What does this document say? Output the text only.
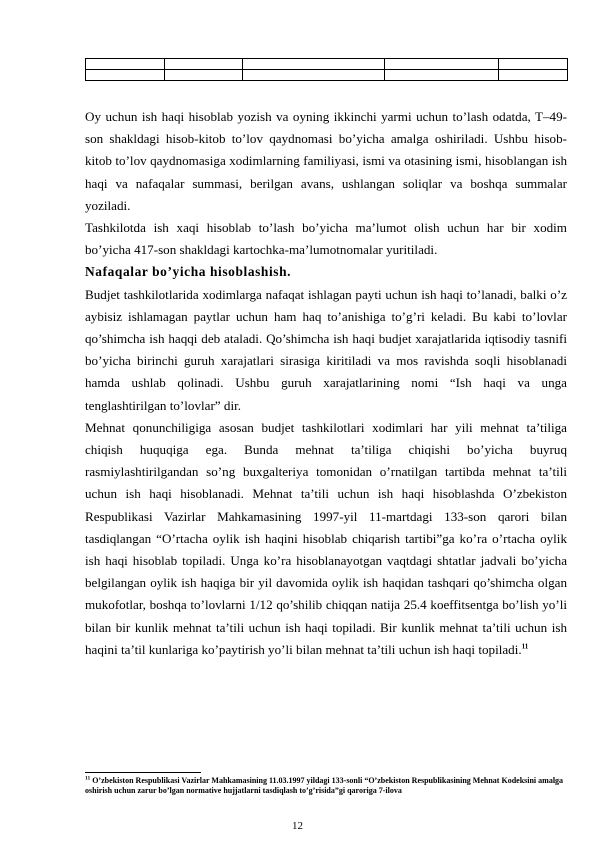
Oy uchun ish haqi hisoblab yozish va oyning ikkinchi yarmi uchun to’lash odatda, T–49-son shakldagi hisob-kitob to’lov qaydnomasi bo’yicha amalga oshiriladi. Ushbu hisob-kitob to’lov qaydnomasiga xodimlarning familiyasi, ismi va otasining ismi, hisoblangan ish haqi va nafaqalar summasi, berilgan avans, ushlangan soliqlar va boshqa summalar yoziladi.

Tashkilotda ish xaqi hisoblab to’lash bo’yicha ma’lumot olish uchun har bir xodim bo’yicha 417-son shakldagi kartochka-ma’lumotnomalar yuritiladi.

Nafaqalar bo’yicha hisoblashish.

Budjet tashkilotlarida xodimlarga nafaqat ishlagan payti uchun ish haqi to’lanadi, balki o’z aybisiz ishlamagan paytlar uchun ham haq to’anishiga to’g’ri keladi. Bu kabi to’lovlar qo’shimcha ish haqqi deb ataladi. Qo’shimcha ish haqi budjet xarajatlarida iqtisodiy tasnifi bo’yicha birinchi guruh xarajatlari sirasiga kiritiladi va mos ravishda soqli hisoblanadi hamda ushlab qolinadi. Ushbu guruh xarajatlarining nomi “Ish haqi va unga tenglashtirilgan to’lovlar” dir.

Mehnat qonunchiligiga asosan budjet tashkilotlari xodimlari har yili mehnat ta’tiliga chiqish huquqiga ega. Bunda mehnat ta’tiliga chiqishi bo’yicha buyruq rasmiylashtirilgandan so’ng buxgalteriya tomonidan o’rnatilgan tartibda mehnat ta’tili uchun ish haqi hisoblanadi. Mehnat ta’tili uchun ish haqi hisoblashda O’zbekiston Respublikasi Vazirlar Mahkamasining 1997-yil 11-martdagi 133-son qarori bilan tasdiqlangan “O’rtacha oylik ish haqini hisoblab chiqarish tartibi”ga ko’ra o’rtacha oylik ish haqi hisoblab topiladi. Unga ko’ra hisoblanayotgan vaqtdagi shtatlar jadvali bo’yicha belgilangan oylik ish haqiga bir yil davomida oylik ish haqidan tashqari qo’shimcha olgan mukofotlar, boshqa to’lovlarni 1/12 qo’shilib chiqqan natija 25.4 koeffitsentga bo’lish yo’li bilan bir kunlik mehnat ta’tili uchun ish haqi topiladi. Bir kunlik mehnat ta’tili uchun ish haqini ta’til kunlariga ko’paytirish yo’li bilan mehnat ta’tili uchun ish haqi topiladi.$^{11}$

$^{11}$ O’zbekiston Respublikasi Vazirlar Mahkamasining 11.03.1997 yildagi 133-sonli “O’zbekiston Respublikasining Mehnat Kodeksini amalga oshirish uchun zarur bo’lgan normative hujjatlarni tasdiqlash to’g’risida”gi qaroriga 7-ilova
12
